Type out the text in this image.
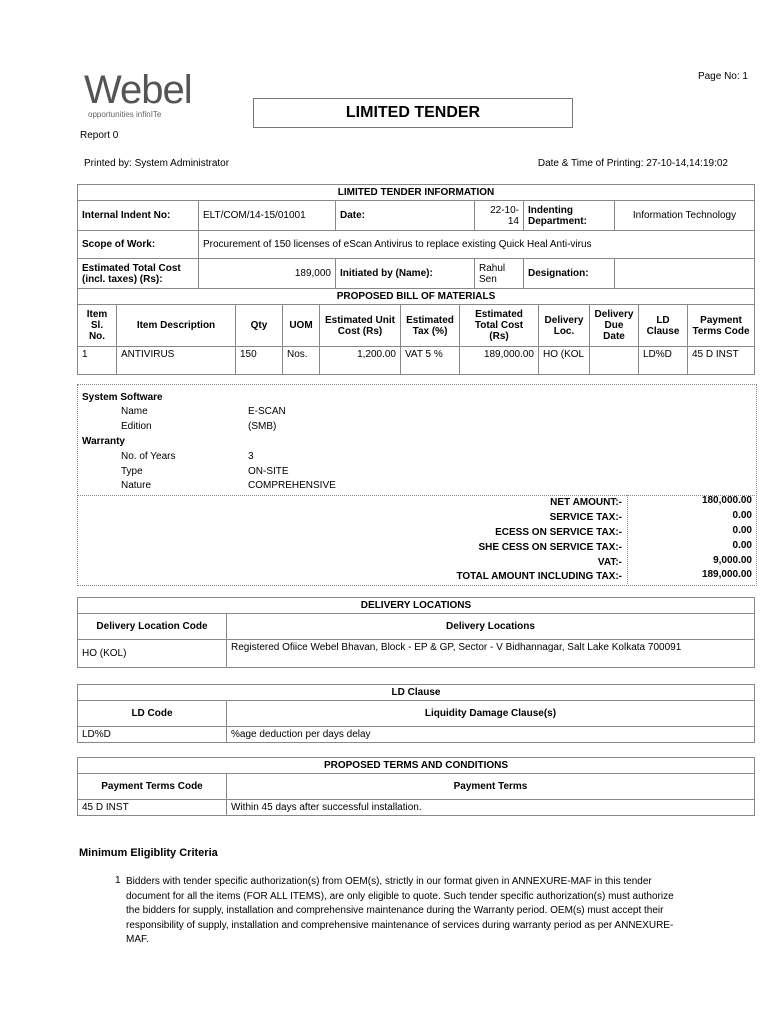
Page No: 1
Webel
opportunities infinITe	LIMITED TENDER
Report 0
Printed by: System Administrator	Date & Time of Printing: 27-10-14,14:19:02
LIMITED TENDER INFORMATION					
Internal Indent No:	ELT/COM/14-15/01001	Date:	22-10-14	Indenting Department:	Information Technology
Scope of Work:	Procurement of 150 licenses of eScan Antivirus to replace existing Quick Heal Anti-virus				
Estimated Total Cost (incl. taxes) (Rs):	189,000	Initiated by (Name):	Rahul Sen	Designation:	
PROPOSED BILL OF MATERIALS										
Item Sl. No.	Item Description	Qty	UOM	Estimated Unit Cost (Rs)	Estimated Tax (%)	Estimated Total Cost (Rs)	Delivery Loc.	Delivery Due Date	LD Clause	Payment Terms Code
1	ANTIVIRUS	150	Nos.	1,200.00	VAT 5 %	189,000.00	HO (KOL		LD%D	45 D INST
System Software
Name	E-SCAN
Edition	(SMB)
Warranty
No. of Years	3
Type	ON-SITE
Nature	COMPREHENSIVE
NET AMOUNT:-	180,000.00
SERVICE TAX:-	0.00
ECESS ON SERVICE TAX:-	0.00
SHE CESS ON SERVICE TAX:-	0.00
VAT:-	9,000.00
TOTAL AMOUNT INCLUDING TAX:-	189,000.00
DELIVERY LOCATIONS	
Delivery Location Code	Delivery Locations
HO (KOL)	Registered Ofiice Webel Bhavan, Block - EP & GP, Sector - V Bidhannagar, Salt Lake Kolkata 700091
LD Clause	
LD Code	Liquidity Damage Clause(s)
LD%D	%age deduction per days delay
PROPOSED TERMS AND CONDITIONS	
Payment Terms Code	Payment Terms
45 D INST	Within 45 days after successful installation.
Minimum Eligiblity Criteria
1 Bidders with tender specific authorization(s) from OEM(s), strictly in our format given in ANNEXURE-MAF in this tender document for all the items (FOR ALL ITEMS), are only eligible to quote. Such tender specific authorization(s) must authorize the bidders for supply, installation and comprehensive maintenance during the Warranty period. OEM(s) must accept their responsibility of supply, installation and comprehensive maintenance of services during warranty period as per ANNEXURE-MAF.
